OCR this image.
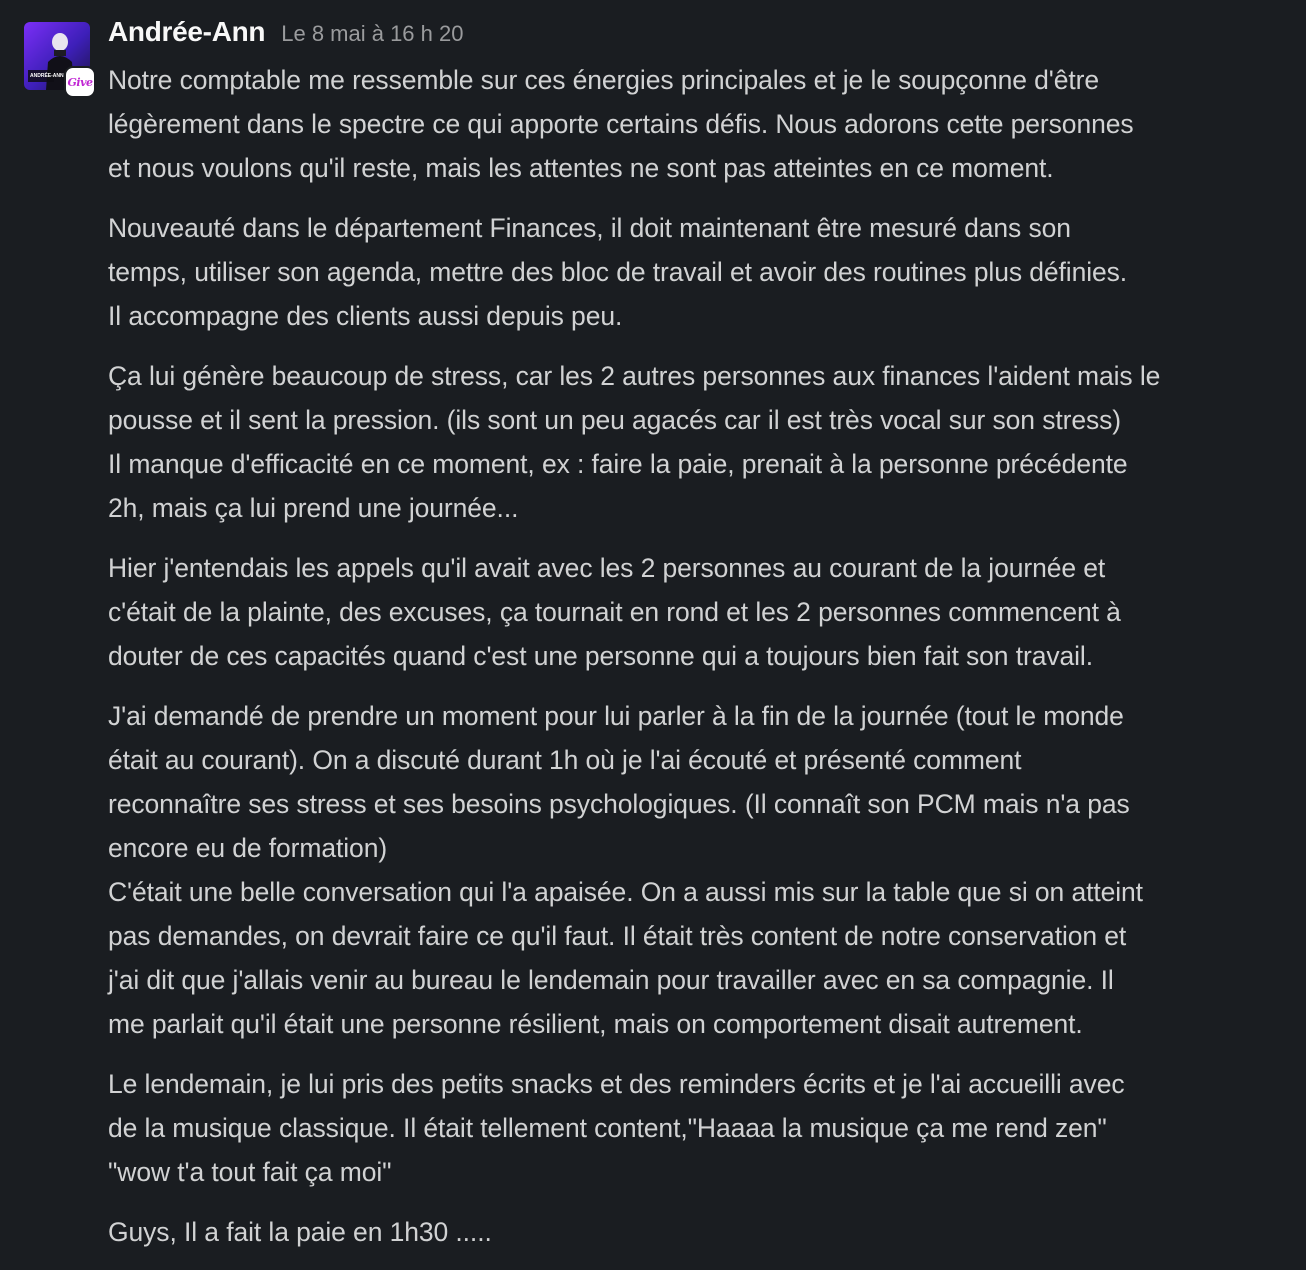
ANDRÉE-ANN Give
Andrée-Ann Le 8 mai à 16 h 20

Notre comptable me ressemble sur ces énergies principales et je le soupçonne d'être
légèrement dans le spectre ce qui apporte certains défis. Nous adorons cette personnes
et nous voulons qu'il reste, mais les attentes ne sont pas atteintes en ce moment.

Nouveauté dans le département Finances, il doit maintenant être mesuré dans son
temps, utiliser son agenda, mettre des bloc de travail et avoir des routines plus définies.
Il accompagne des clients aussi depuis peu.

Ça lui génère beaucoup de stress, car les 2 autres personnes aux finances l'aident mais le
pousse et il sent la pression. (ils sont un peu agacés car il est très vocal sur son stress)
Il manque d'efficacité en ce moment, ex : faire la paie, prenait à la personne précédente
2h, mais ça lui prend une journée...

Hier j'entendais les appels qu'il avait avec les 2 personnes au courant de la journée et
c'était de la plainte, des excuses, ça tournait en rond et les 2 personnes commencent à
douter de ces capacités quand c'est une personne qui a toujours bien fait son travail.

J'ai demandé de prendre un moment pour lui parler à la fin de la journée (tout le monde
était au courant). On a discuté durant 1h où je l'ai écouté et présenté comment
reconnaître ses stress et ses besoins psychologiques. (Il connaît son PCM mais n'a pas
encore eu de formation)
C'était une belle conversation qui l'a apaisée. On a aussi mis sur la table que si on atteint
pas demandes, on devrait faire ce qu'il faut. Il était très content de notre conservation et
j'ai dit que j'allais venir au bureau le lendemain pour travailler avec en sa compagnie. Il
me parlait qu'il était une personne résilient, mais on comportement disait autrement.

Le lendemain, je lui pris des petits snacks et des reminders écrits et je l'ai accueilli avec
de la musique classique. Il était tellement content,"Haaaa la musique ça me rend zen"
"wow t'a tout fait ça moi"

Guys, Il a fait la paie en 1h30 .....
